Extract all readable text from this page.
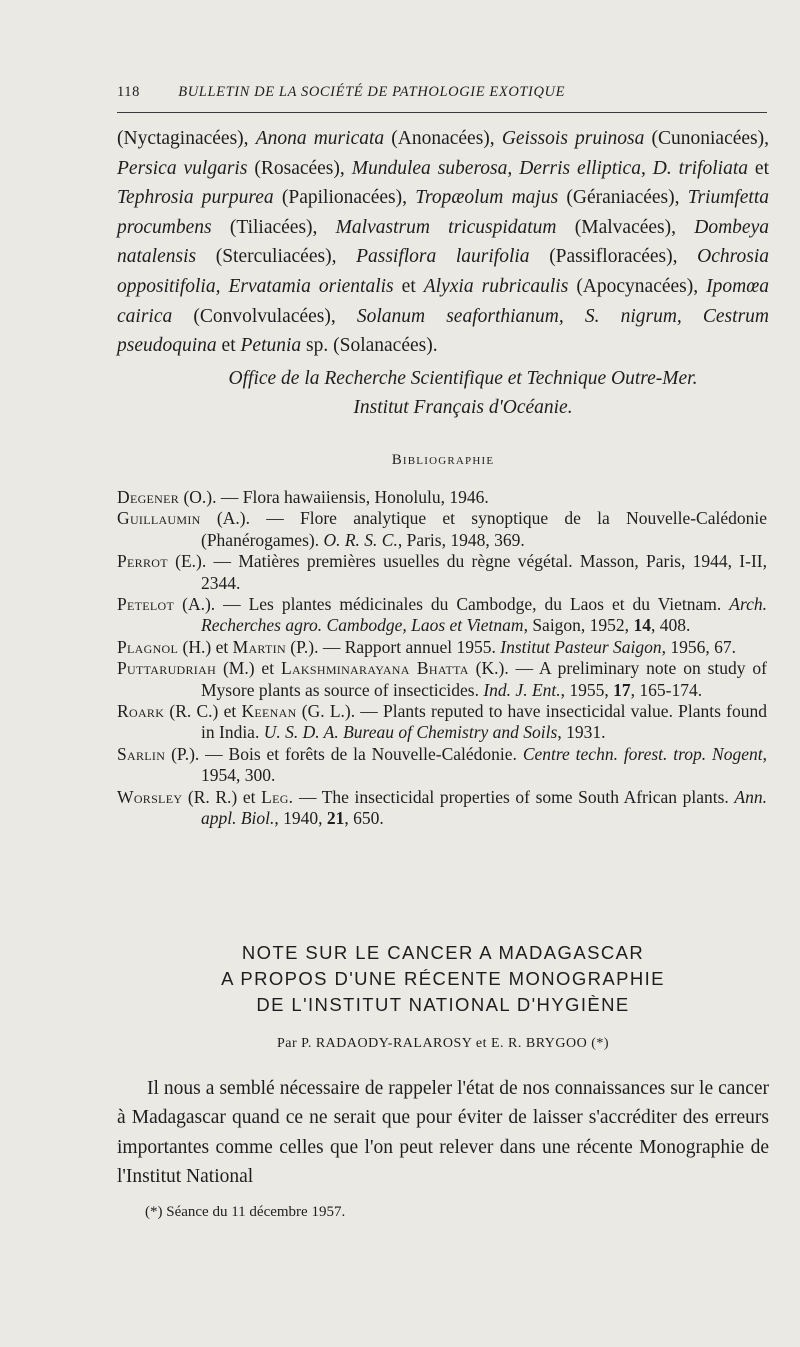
118	BULLETIN DE LA SOCIÉTÉ DE PATHOLOGIE EXOTIQUE

(Nyctaginacées), Anona muricata (Anonacées), Geissois pruinosa (Cunoniacées), Persica vulgaris (Rosacées), Mundulea suberosa, Derris elliptica, D. trifoliata et Tephrosia purpurea (Papilionacées), Tropæolum majus (Géraniacées), Triumfetta procumbens (Tiliacées), Malvastrum tricuspidatum (Malvacées), Dombeya natalensis (Sterculiacées), Passiflora laurifolia (Passifloracées), Ochrosia oppositifolia, Ervatamia orientalis et Alyxia rubricaulis (Apocynacées), Ipomœa cairica (Convolvulacées), Solanum seaforthianum, S. nigrum, Cestrum pseudoquina et Petunia sp. (Solanacées).

Office de la Recherche Scientifique et Technique Outre-Mer.
Institut Français d'Océanie.
Bibliographie

Degener (O.). — Flora hawaiiensis, Honolulu, 1946.

Guillaumin (A.). — Flore analytique et synoptique de la Nouvelle-Calédonie (Phanérogames). O. R. S. C., Paris, 1948, 369.

Perrot (E.). — Matières premières usuelles du règne végétal. Masson, Paris, 1944, I-II, 2344.

Petelot (A.). — Les plantes médicinales du Cambodge, du Laos et du Vietnam. Arch. Recherches agro. Cambodge, Laos et Vietnam, Saigon, 1952, 14, 408.

Plagnol (H.) et Martin (P.). — Rapport annuel 1955. Institut Pasteur Saigon, 1956, 67.

Puttarudriah (M.) et Lakshminarayana Bhatta (K.). — A preliminary note on study of Mysore plants as source of insecticides. Ind. J. Ent., 1955, 17, 165-174.

Roark (R. C.) et Keenan (G. L.). — Plants reputed to have insecticidal value. Plants found in India. U. S. D. A. Bureau of Chemistry and Soils, 1931.

Sarlin (P.). — Bois et forêts de la Nouvelle-Calédonie. Centre techn. forest. trop. Nogent, 1954, 300.

Worsley (R. R.) et Leg. — The insecticidal properties of some South African plants. Ann. appl. Biol., 1940, 21, 650.

NOTE SUR LE CANCER A MADAGASCAR
A PROPOS D'UNE RÉCENTE MONOGRAPHIE
DE L'INSTITUT NATIONAL D'HYGIÈNE
Par P. RADAODY-RALAROSY et E. R. BRYGOO (*)

Il nous a semblé nécessaire de rappeler l'état de nos connaissances sur le cancer à Madagascar quand ce ne serait que pour éviter de laisser s'accréditer des erreurs importantes comme celles que l'on peut relever dans une récente Monographie de l'Institut National

(*) Séance du 11 décembre 1957.
